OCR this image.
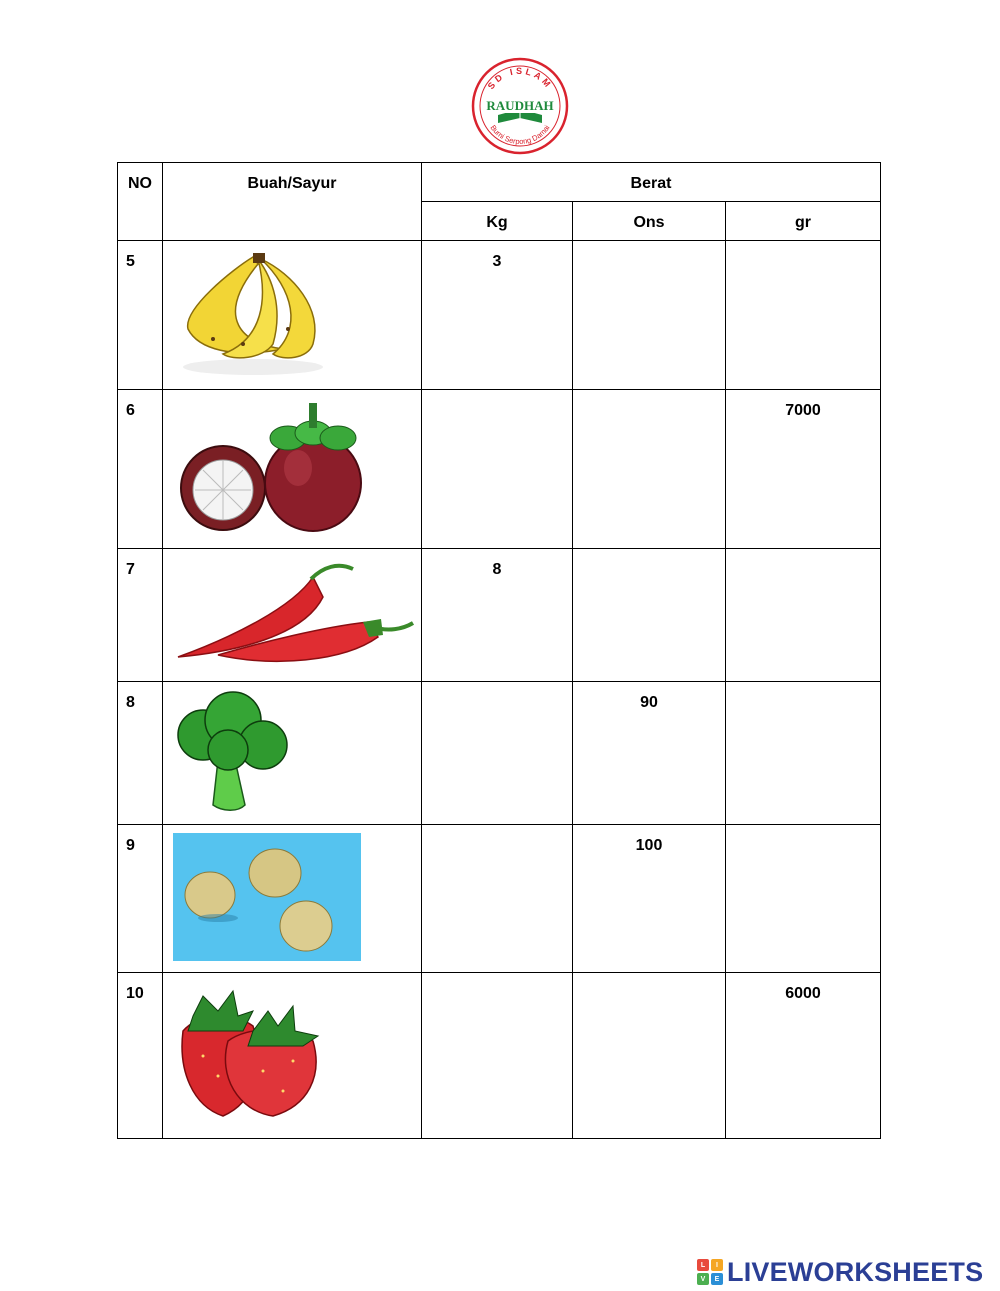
SD ISLAM
RAUDHAH
Bumi Serpong Damai
NO	Buah/Sayur	Berat		
		Kg	Ons	gr
5		3		
6				7000
7		8		
8			90	
9			100	
10				6000
L	I
V	E LIVEWORKSHEETS
